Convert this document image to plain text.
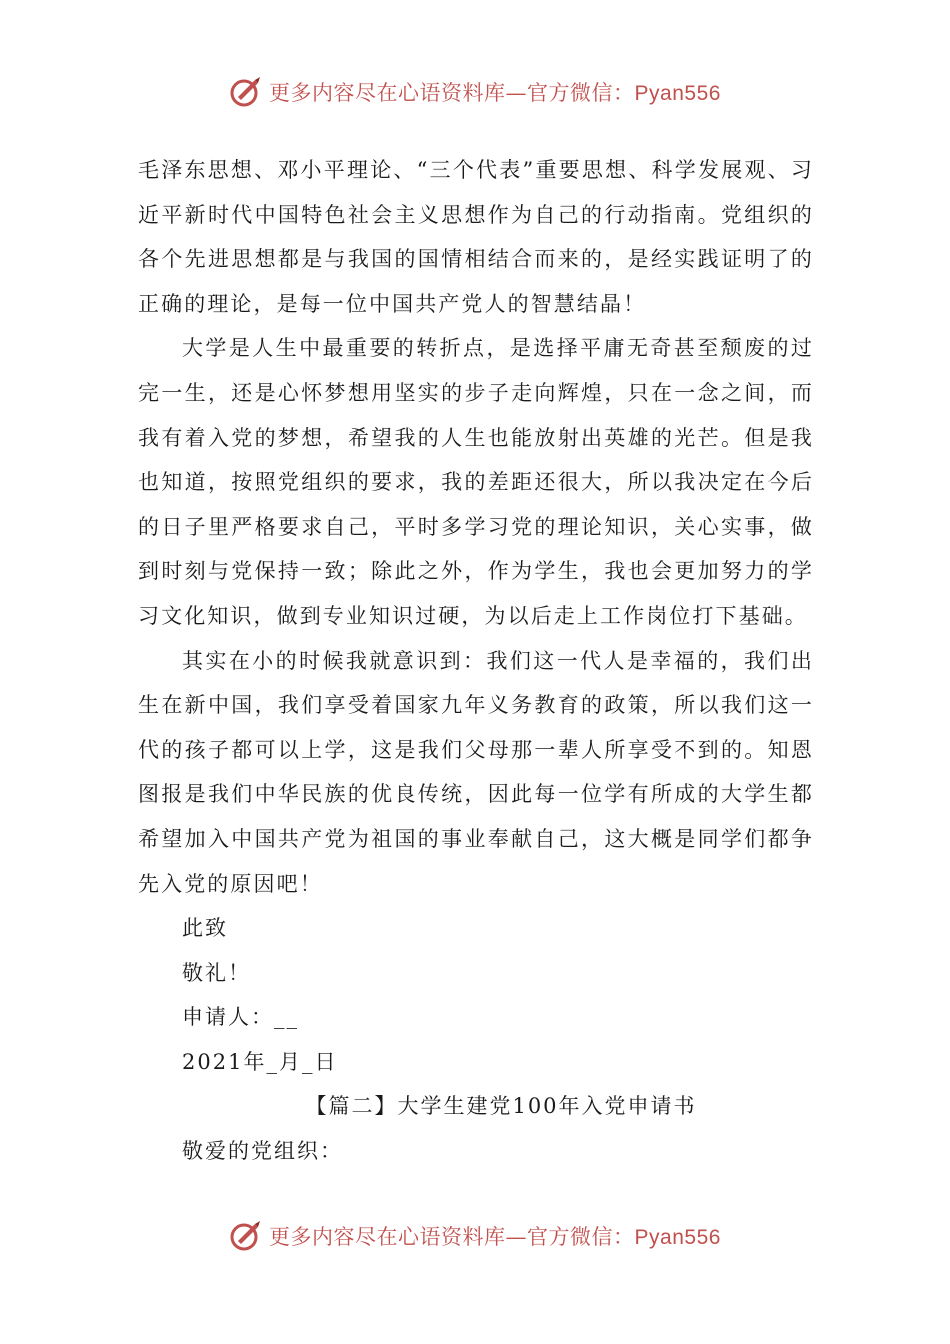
更多内容尽在心语资料库—官方微信：Pyan556

毛泽东思想、邓小平理论、“三个代表”重要思想、科学发展观、习近平新时代中国特色社会主义思想作为自己的行动指南。党组织的各个先进思想都是与我国的国情相结合而来的，是经实践证明了的正确的理论，是每一位中国共产党人的智慧结晶！

大学是人生中最重要的转折点，是选择平庸无奇甚至颓废的过完一生，还是心怀梦想用坚实的步子走向辉煌，只在一念之间，而我有着入党的梦想，希望我的人生也能放射出英雄的光芒。但是我也知道，按照党组织的要求，我的差距还很大，所以我决定在今后的日子里严格要求自己，平时多学习党的理论知识，关心实事，做到时刻与党保持一致；除此之外，作为学生，我也会更加努力的学习文化知识，做到专业知识过硬，为以后走上工作岗位打下基础。

其实在小的时候我就意识到：我们这一代人是幸福的，我们出生在新中国，我们享受着国家九年义务教育的政策，所以我们这一代的孩子都可以上学，这是我们父母那一辈人所享受不到的。知恩图报是我们中华民族的优良传统，因此每一位学有所成的大学生都希望加入中国共产党为祖国的事业奉献自己，这大概是同学们都争先入党的原因吧！

此致

敬礼！

申请人：__

2021年_月_日

【篇二】大学生建党100年入党申请书

敬爱的党组织：

更多内容尽在心语资料库—官方微信：Pyan556
